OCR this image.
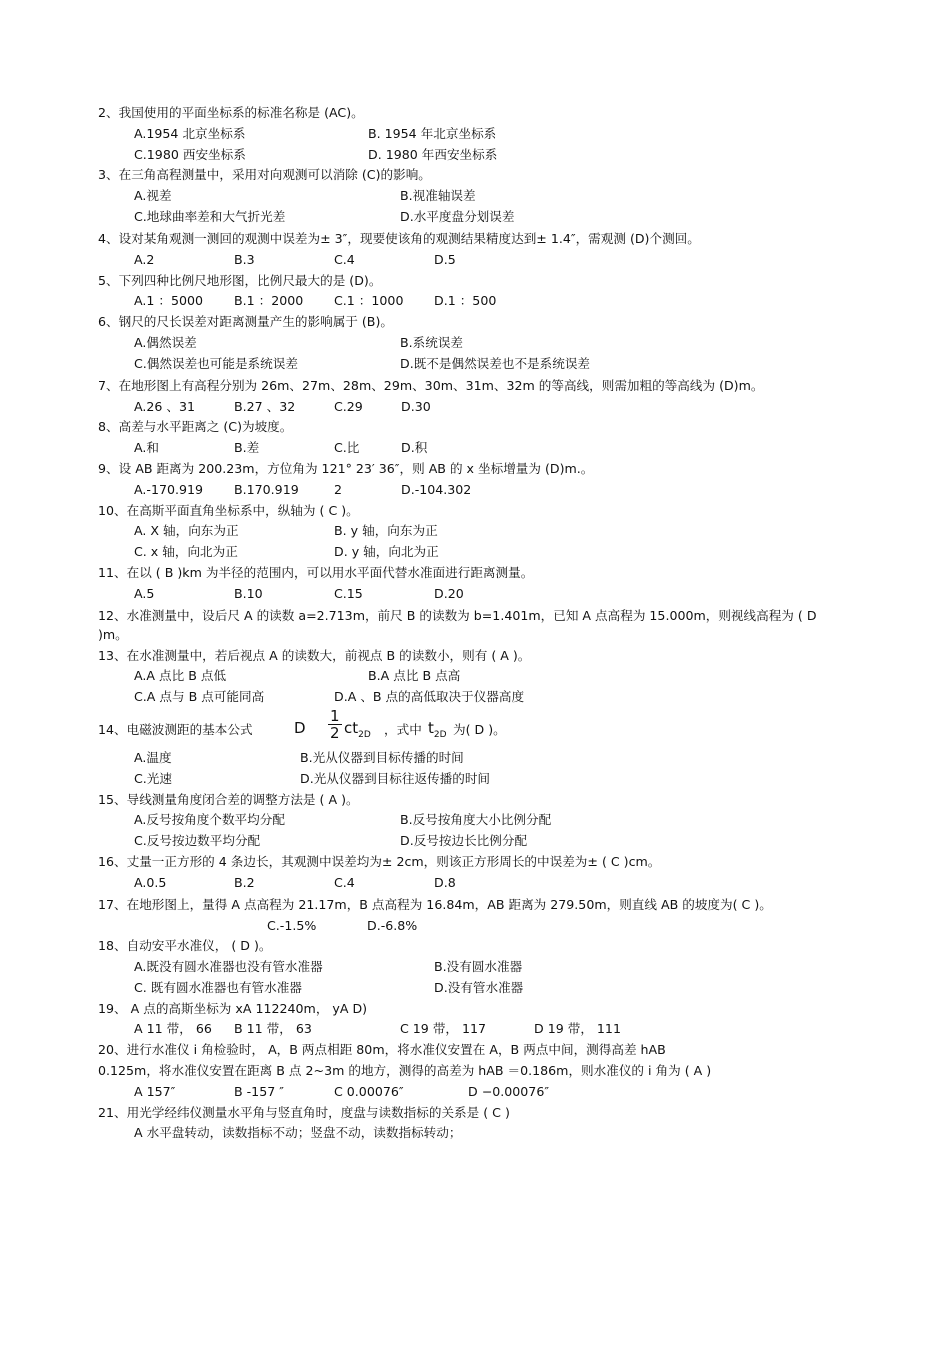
2、我国使用的平面坐标系的标准名称是 (AC)。
A.1954 北京坐标系	B. 1954 年北京坐标系
C.1980 西安坐标系	D. 1980 年西安坐标系
3、在三角高程测量中，采用对向观测可以消除 (C)的影响。
A.视差	B.视准轴误差
C.地球曲率差和大气折光差	D.水平度盘分划误差
4、设对某角观测一测回的观测中误差为± 3″，现要使该角的观测结果精度达到± 1.4″，需观测 (D)个测回。
A.2	B.3	C.4	D.5
5、下列四种比例尺地形图，比例尺最大的是 (D)。
A.1 ：5000	B.1 ：2000	C.1 ：1000	D.1 ：500
6、钢尺的尺长误差对距离测量产生的影响属于 (B)。
A.偶然误差	B.系统误差
C.偶然误差也可能是系统误差	D.既不是偶然误差也不是系统误差
7、在地形图上有高程分别为 26m、27m、28m、29m、30m、31m、32m 的等高线，则需加粗的等高线为 (D)m。
A.26 、31	B.27 、32	C.29	D.30
8、高差与水平距离之 (C)为坡度。
A.和	B.差	C.比	D.积
9、设 AB 距离为 200.23m，方位角为 121° 23′ 36″，则 AB 的 x 坐标增量为 (D)m.。
A.-170.919	B.170.919	2	D.-104.302
10、在高斯平面直角坐标系中，纵轴为 ( C )。
A. X 轴，向东为正	B. y 轴，向东为正
C. x 轴，向北为正	D. y 轴，向北为正
11、在以 ( B )km 为半径的范围内，可以用水平面代替水准面进行距离测量。
A.5	B.10	C.15	D.20
12、水准测量中，设后尺 A 的读数 a=2.713m，前尺 B 的读数为 b=1.401m，已知 A 点高程为 15.000m，则视线高程为 ( D )m。
13、在水准测量中，若后视点 A 的读数大，前视点 B 的读数小，则有 ( A )。
A.A 点比 B 点低	B.A 点比 B 点高
C.A 点与 B 点可能同高	D.A 、B 点的高低取决于仪器高度
14、电磁波测距的基本公式	D $\frac{1}{2} ct_{2D}$ ，式中 $t_{2D}$ 为( D )。
A.温度	B.光从仪器到目标传播的时间
C.光速	D.光从仪器到目标往返传播的时间
15、导线测量角度闭合差的调整方法是 ( A )。
A.反号按角度个数平均分配	B.反号按角度大小比例分配
C.反号按边数平均分配	D.反号按边长比例分配
16、丈量一正方形的 4 条边长，其观测中误差均为± 2cm，则该正方形周长的中误差为± ( C )cm。
A.0.5	B.2	C.4	D.8
17、在地形图上，量得 A 点高程为 21.17m，B 点高程为 16.84m，AB 距离为 279.50m，则直线 AB 的坡度为( C )。
C.-1.5%	D.-6.8%
18、自动安平水准仪， ( D )。
A.既没有圆水准器也没有管水准器	B.没有圆水准器
C. 既有圆水准器也有管水准器	D.没有管水准器
19、 A 点的高斯坐标为 xA 112240m， yA D)
A 11 带， 66	B 11 带， 63	C 19 带， 117	D 19 带， 111
20、进行水准仪 i 角检验时， A，B 两点相距 80m，将水准仪安置在 A，B 两点中间，测得高差 hAB
0.125m，将水准仪安置在距离 B 点 2~3m 的地方，测得的高差为 hAB ＝0.186m，则水准仪的 i 角为 ( A )
A 157″	B -157 ″	C 0.00076″	D −0.00076″
21、用光学经纬仪测量水平角与竖直角时，度盘与读数指标的关系是 ( C )
A 水平盘转动，读数指标不动；竖盘不动，读数指标转动；
